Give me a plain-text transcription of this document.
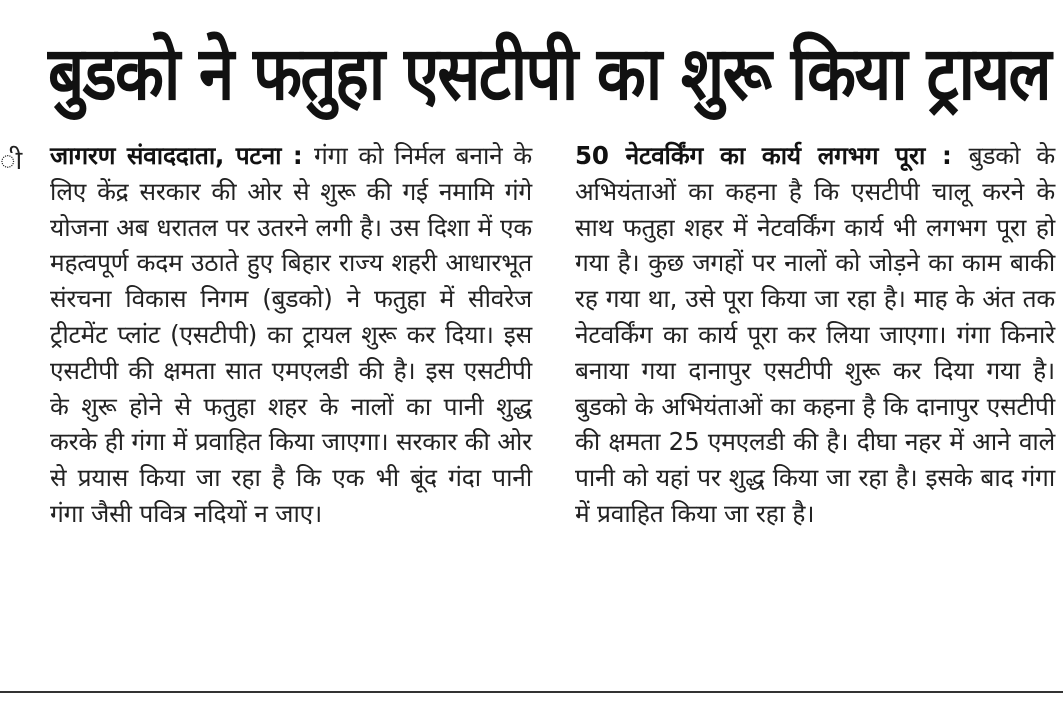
ी
बुडको ने फतुहा एसटीपी का शुरू किया ट्रायल
जागरण संवाददाता, पटना : गंगा को निर्मल बनाने के लिए केंद्र सरकार की ओर से शुरू की गई नमामि गंगे योजना अब धरातल पर उतरने लगी है। उस दिशा में एक महत्वपूर्ण कदम उठाते हुए बिहार राज्य शहरी आधारभूत संरचना विकास निगम (बुडको) ने फतुहा में सीवरेज ट्रीटमेंट प्लांट (एसटीपी) का ट्रायल शुरू कर दिया। इस एसटीपी की क्षमता सात एमएलडी की है। इस एसटीपी के शुरू होने से फतुहा शहर के नालों का पानी शुद्ध करके ही गंगा में प्रवाहित किया जाएगा। सरकार की ओर से प्रयास किया जा रहा है कि एक भी बूंद गंदा पानी गंगा जैसी पवित्र नदियों न जाए।
50 नेटवर्किंग का कार्य लगभग पूरा : बुडको के अभियंताओं का कहना है कि एसटीपी चालू करने के साथ फतुहा शहर में नेटवर्किंग कार्य भी लगभग पूरा हो गया है। कुछ जगहों पर नालों को जोड़ने का काम बाकी रह गया था, उसे पूरा किया जा रहा है। माह के अंत तक नेटवर्किंग का कार्य पूरा कर लिया जाएगा। गंगा किनारे बनाया गया दानापुर एसटीपी शुरू कर दिया गया है। बुडको के अभियंताओं का कहना है कि दानापुर एसटीपी की क्षमता 25 एमएलडी की है। दीघा नहर में आने वाले पानी को यहां पर शुद्ध किया जा रहा है। इसके बाद गंगा में प्रवाहित किया जा रहा है।
